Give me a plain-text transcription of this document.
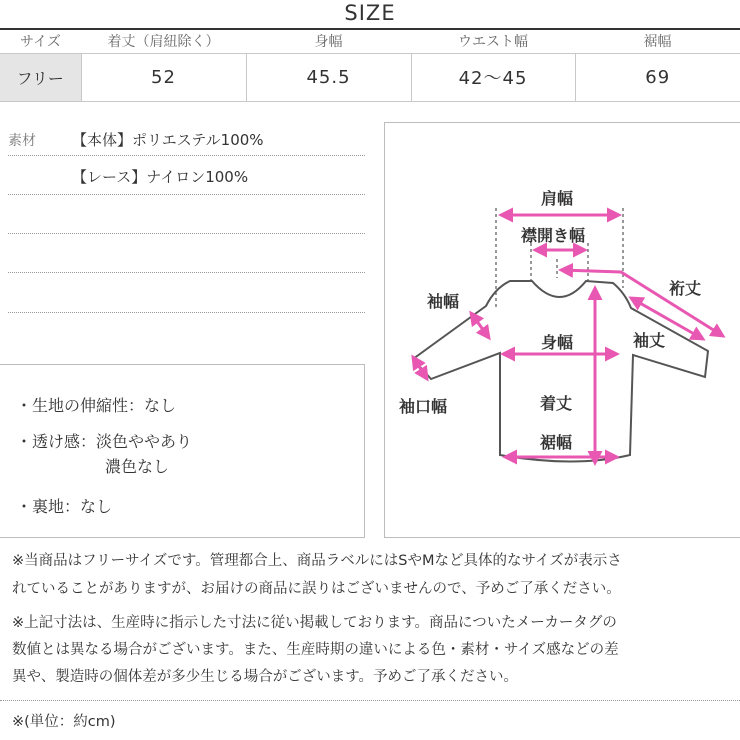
SIZE
サイズ	着丈（肩紐除く）	身幅	ウエスト幅	裾幅
フリー	52	45.5	42〜45	69
素材 【本体】ポリエステル100%
【レース】ナイロン100%
・生地の伸縮性：なし
・透け感：淡色ややあり
濃色なし
・裏地：なし
肩幅
襟開き幅
裄丈
袖幅
袖丈
身幅
袖口幅	着丈
裾幅
※当商品はフリーサイズです。管理都合上、商品ラベルにはSやMなど具体的なサイズが表示さ
れていることがありますが、お届けの商品に誤りはございませんので、予めご了承ください。
※上記寸法は、生産時に指示した寸法に従い掲載しております。商品についたメーカータグの
数値とは異なる場合がございます。また、生産時期の違いによる色・素材・サイズ感などの差
異や、製造時の個体差が多少生じる場合がございます。予めご了承ください。
※(単位：約cm)
